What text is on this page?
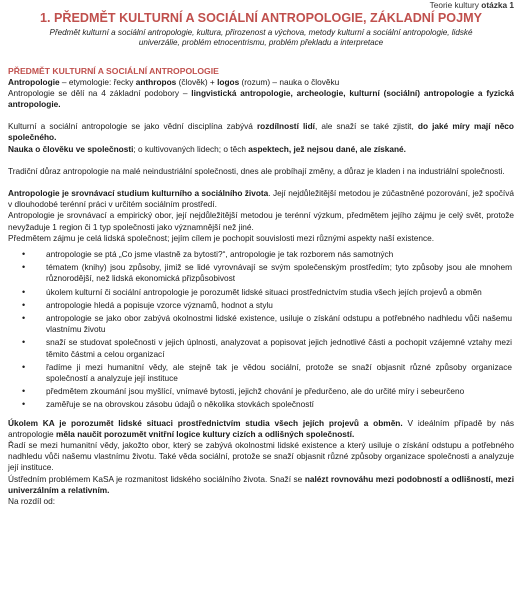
Teorie kultury otázka 1
1. PŘEDMĚT KULTURNÍ A SOCIÁLNÍ ANTROPOLOGIE, ZÁKLADNÍ POJMY
Předmět kulturní a sociální antropologie, kultura, přirozenost a výchova, metody kulturní a sociální antropologie, lidské univerzálie, problém etnocentrismu, problém překladu a interpretace
PŘEDMĚT KULTURNÍ A SOCIÁLNÍ ANTROPOLOGIE

Antropologie – etymologie: řecky anthropos (člověk) + logos (rozum) – nauka o člověku

Antropologie se dělí na 4 základní podobory – lingvistická antropologie, archeologie, kulturní (sociální) antropologie a fyzická antropologie.

Kulturní a sociální antropologie se jako vědní disciplína zabývá rozdílností lidí, ale snaží se také zjistit, do jaké míry mají něco společného.

Nauka o člověku ve společnosti; o kultivovaných lidech; o těch aspektech, jež nejsou dané, ale získané.

Tradiční důraz antropologie na malé neindustriální společnosti, dnes ale probíhají změny, a důraz je kladen i na industriální společnosti.

Antropologie je srovnávací studium kulturního a sociálního života. Její nejdůležitější metodou je zúčastněné pozorování, jež spočívá v dlouhodobé terénní práci v určitém sociálním prostředí.

Antropologie je srovnávací a empirický obor, její nejdůležitější metodou je terénní výzkum, předmětem jejího zájmu je celý svět, protože nevyžaduje 1 region či 1 typ společnosti jako významnější než jiné.

Předmětem zájmu je celá lidská společnost; jejím cílem je pochopit souvislosti mezi různými aspekty naší existence.

• antropologie se ptá „Co jsme vlastně za bytosti?“, antropologie je tak rozborem nás samotných
• tématem (knihy) jsou způsoby, jimiž se lidé vyrovnávají se svým společenským prostředím; tyto způsoby jsou ale mnohem různorodější, než lidská ekonomická přizpůsobivost
• úkolem kulturní či sociální antropologie je porozumět lidské situaci prostřednictvím studia všech jejích projevů a obměn
• antropologie hledá a popisuje vzorce významů, hodnot a stylu
• antropologie se jako obor zabývá okolnostmi lidské existence, usiluje o získání odstupu a potřebného nadhledu vůči našemu vlastnímu životu
• snaží se studovat společnosti v jejich úplnosti, analyzovat a popisovat jejich jednotlivé části a pochopit vzájemné vztahy mezi těmito částmi a celou organizací
• řadíme ji mezi humanitní vědy, ale stejně tak je vědou sociální, protože se snaží objasnit různé způsoby organizace společností a analyzuje její instituce
• předmětem zkoumání jsou myšlící, vnímavé bytosti, jejichž chování je předurčeno, ale do určité míry i sebeurčeno
• zaměřuje se na obrovskou zásobu údajů o několika stovkách společností

Úkolem KA je porozumět lidské situaci prostřednictvím studia všech jejích projevů a obměn. V ideálním případě by nás antropologie měla naučit porozumět vnitřní logice kultury cizích a odlišných společností.

Řadí se mezi humanitní vědy, jakožto obor, který se zabývá okolnostmi lidské existence a který usiluje o získání odstupu a potřebného nadhledu vůči našemu vlastnímu životu. Také věda sociální, protože se snaží objasnit různé způsoby organizace společnosti a analyzuje její instituce.

Ústředním problémem KaSA je rozmanitost lidského sociálního života. Snaží se nalézt rovnováhu mezi podobností a odlišností, mezi univerzálním a relativním.

Na rozdíl od:
